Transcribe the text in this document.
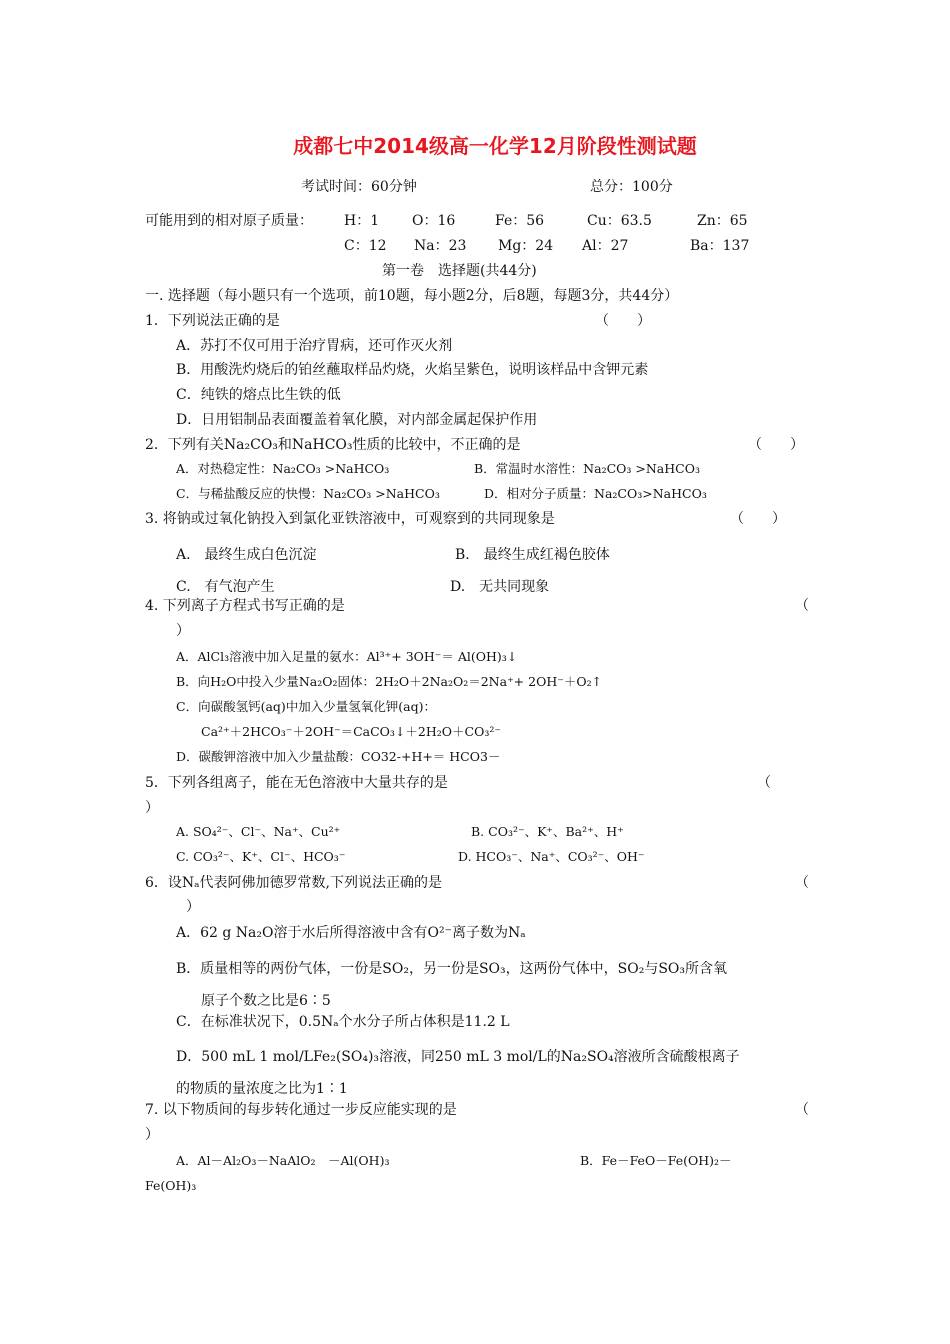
成都七中2014级高一化学12月阶段性测试题
考试时间：60分钟	总分：100分
可能用到的相对原子质量： H：1 O：16	Fe：56	Cu：63.5	Zn：65
C：12 Na：23 Mg：24 Al：27	Ba：137
第一卷　选择题(共44分)
一. 选择题（每小题只有一个选项，前10题，每小题2分，后8题，每题3分，共44分）
1．下列说法正确的是	（　　）
A．苏打不仅可用于治疗胃病，还可作灭火剂
B．用酸洗灼烧后的铂丝蘸取样品灼烧，火焰呈紫色，说明该样品中含钾元素
C．纯铁的熔点比生铁的低
D．日用铝制品表面覆盖着氧化膜，对内部金属起保护作用
2．下列有关Na₂CO₃和NaHCO₃性质的比较中，不正确的是	（　　）
A．对热稳定性：Na₂CO₃ >NaHCO₃	B．常温时水溶性：Na₂CO₃ >NaHCO₃
C．与稀盐酸反应的快慢：Na₂CO₃ >NaHCO₃	D．相对分子质量：Na₂CO₃>NaHCO₃
3. 将钠或过氧化钠投入到氯化亚铁溶液中，可观察到的共同现象是	（　　）
A.　最终生成白色沉淀	B.　最终生成红褐色胶体
C.　有气泡产生	D.　无共同现象
4. 下列离子方程式书写正确的是	（
）
A．AlCl₃溶液中加入足量的氨水：Al³⁺+ 3OH⁻＝ Al(OH)₃↓
B．向H₂O中投入少量Na₂O₂固体：2H₂O＋2Na₂O₂＝2Na⁺+ 2OH⁻＋O₂↑
C．向碳酸氢钙(aq)中加入少量氢氧化钾(aq)：
Ca²⁺＋2HCO₃⁻＋2OH⁻＝CaCO₃↓＋2H₂O＋CO₃²⁻
D．碳酸钾溶液中加入少量盐酸：CO32-+H+＝ HCO3－
5．下列各组离子，能在无色溶液中大量共存的是	（
）
A. SO₄²⁻、Cl⁻、Na⁺、Cu²⁺	B. CO₃²⁻、K⁺、Ba²⁺、H⁺
C. CO₃²⁻、K⁺、Cl⁻、HCO₃⁻	D. HCO₃⁻、Na⁺、CO₃²⁻、OH⁻
6．设Nₐ代表阿佛加德罗常数,下列说法正确的是	（
）
A．62 g Na₂O溶于水后所得溶液中含有O²⁻离子数为Nₐ
B．质量相等的两份气体，一份是SO₂，另一份是SO₃，这两份气体中，SO₂与SO₃所含氧
原子个数之比是6∶5
C．在标准状况下，0.5Nₐ个水分子所占体积是11.2 L
D．500 mL 1 mol/LFe₂(SO₄)₃溶液，同250 mL 3 mol/L的Na₂SO₄溶液所含硫酸根离子
的物质的量浓度之比为1∶1
7. 以下物质间的每步转化通过一步反应能实现的是	（
）
A．Al－Al₂O₃－NaAlO₂　－Al(OH)₃	B．Fe－FeO－Fe(OH)₂－
Fe(OH)₃
